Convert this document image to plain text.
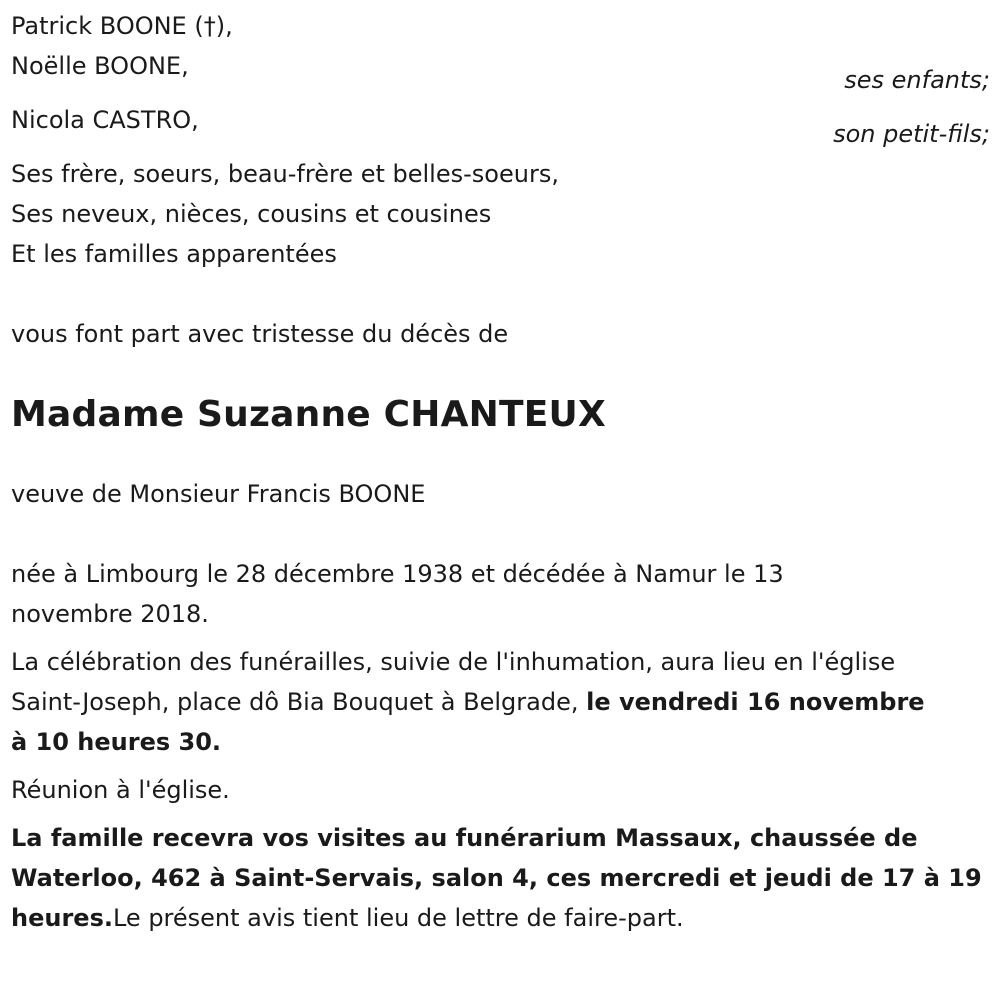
Patrick BOONE (†),
Noëlle BOONE,	ses enfants;
Nicola CASTRO,	son petit-fils;
Ses frère, soeurs, beau-frère et belles-soeurs,
Ses neveux, nièces, cousins et cousines
Et les familles apparentées
vous font part avec tristesse du décès de
Madame Suzanne CHANTEUX
veuve de Monsieur Francis BOONE
née à Limbourg le 28 décembre 1938 et décédée à Namur le 13
novembre 2018.
La célébration des funérailles, suivie de l'inhumation, aura lieu en l'église
Saint-Joseph, place dô Bia Bouquet à Belgrade, le vendredi 16 novembre
à 10 heures 30.
Réunion à l'église.
La famille recevra vos visites au funérarium Massaux, chaussée de
Waterloo, 462 à Saint-Servais, salon 4, ces mercredi et jeudi de 17 à 19
heures.Le présent avis tient lieu de lettre de faire-part.
